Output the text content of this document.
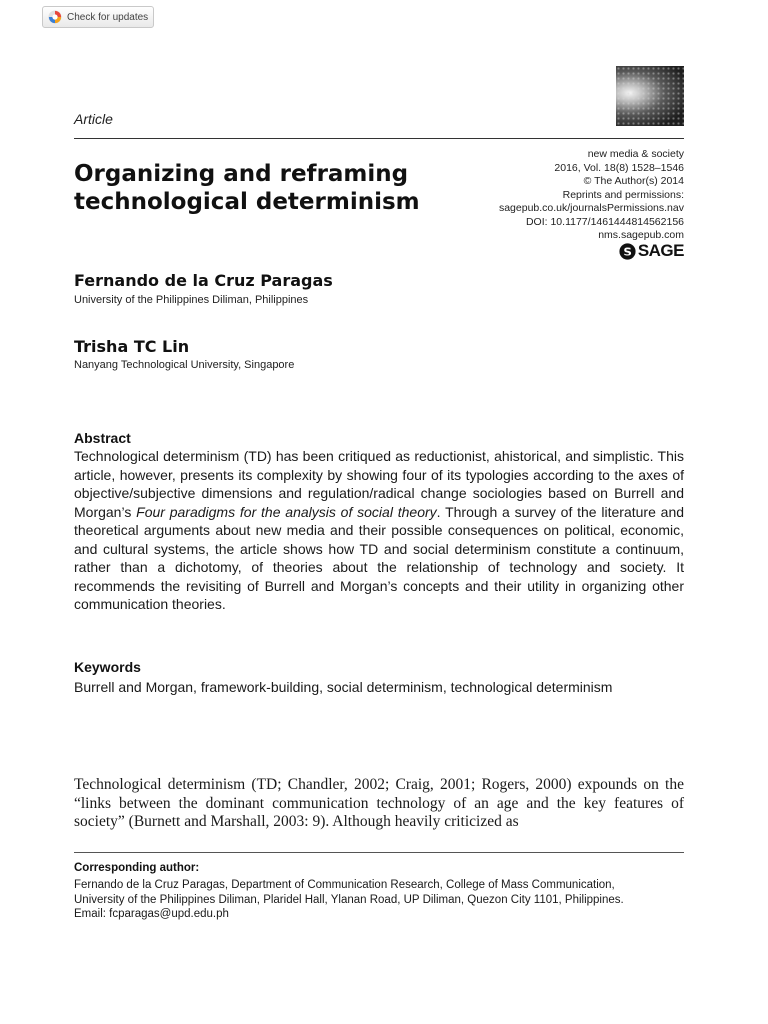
Check for updates
Article
new media & society
2016, Vol. 18(8) 1528–1546
© The Author(s) 2014
Reprints and permissions:
sagepub.co.uk/journalsPermissions.nav
DOI: 10.1177/1461444814562156
nms.sagepub.com
S SAGE
Organizing and reframing technological determinism
Fernando de la Cruz Paragas
University of the Philippines Diliman, Philippines
Trisha TC Lin
Nanyang Technological University, Singapore
Abstract

Technological determinism (TD) has been critiqued as reductionist, ahistorical, and simplistic. This article, however, presents its complexity by showing four of its typologies according to the axes of objective/subjective dimensions and regulation/radical change sociologies based on Burrell and Morgan’s Four paradigms for the analysis of social theory. Through a survey of the literature and theoretical arguments about new media and their possible consequences on political, economic, and cultural systems, the article shows how TD and social determinism constitute a continuum, rather than a dichotomy, of theories about the relationship of technology and society. It recommends the revisiting of Burrell and Morgan’s concepts and their utility in organizing other communication theories.

Keywords

Burrell and Morgan, framework-building, social determinism, technological determinism

Technological determinism (TD; Chandler, 2002; Craig, 2001; Rogers, 2000) expounds on the “links between the dominant communication technology of an age and the key features of society” (Burnett and Marshall, 2003: 9). Although heavily criticized as

Corresponding author:

Fernando de la Cruz Paragas, Department of Communication Research, College of Mass Communication,
University of the Philippines Diliman, Plaridel Hall, Ylanan Road, UP Diliman, Quezon City 1101, Philippines.
Email: fcparagas@upd.edu.ph
